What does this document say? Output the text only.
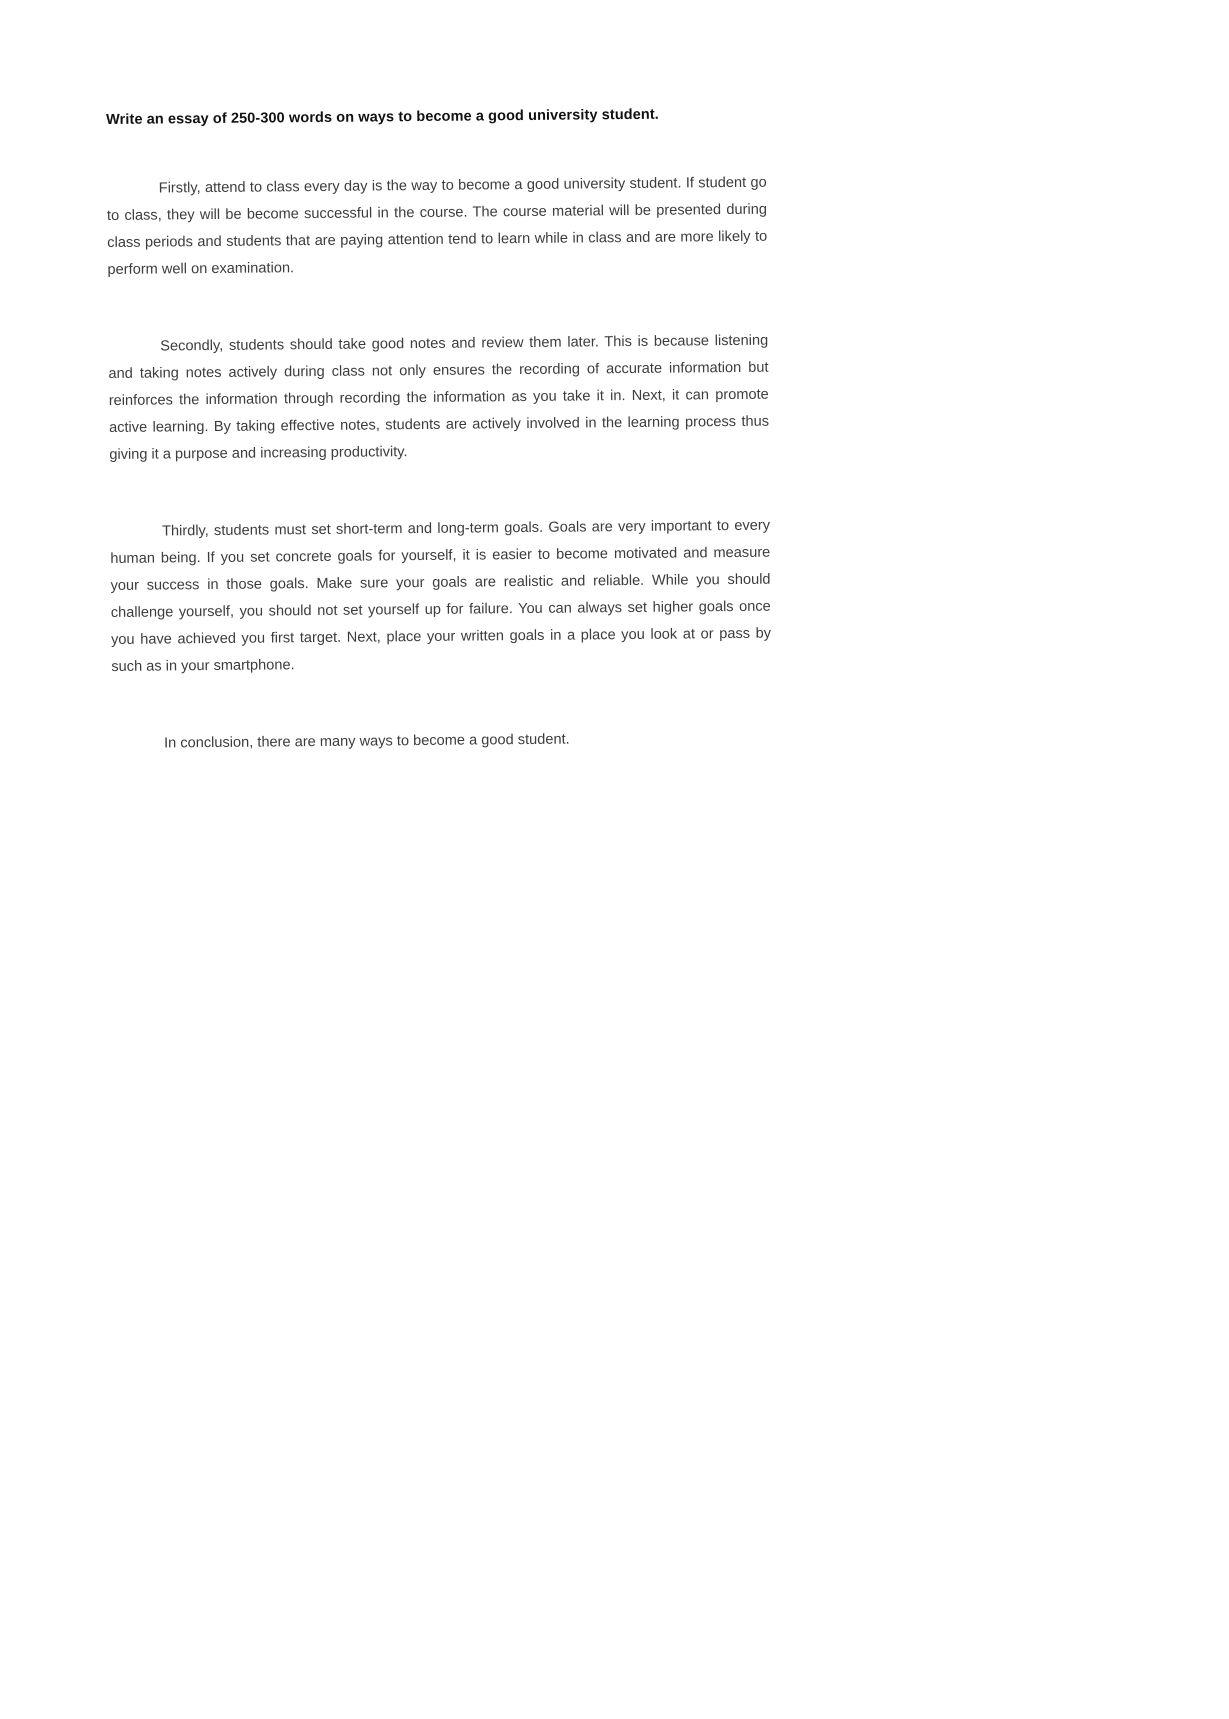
Write an essay of 250-300 words on ways to become a good university student.

Firstly, attend to class every day is the way to become a good university student. If student go to class, they will be become successful in the course. The course material will be presented during class periods and students that are paying attention tend to learn while in class and are more likely to perform well on examination.

Secondly, students should take good notes and review them later. This is because listening and taking notes actively during class not only ensures the recording of accurate information but reinforces the information through recording the information as you take it in. Next, it can promote active learning. By taking effective notes, students are actively involved in the learning process thus giving it a purpose and increasing productivity.

Thirdly, students must set short-term and long-term goals. Goals are very important to every human being. If you set concrete goals for yourself, it is easier to become motivated and measure your success in those goals. Make sure your goals are realistic and reliable. While you should challenge yourself, you should not set yourself up for failure. You can always set higher goals once you have achieved you first target. Next, place your written goals in a place you look at or pass by such as in your smartphone.

In conclusion, there are many ways to become a good student.
